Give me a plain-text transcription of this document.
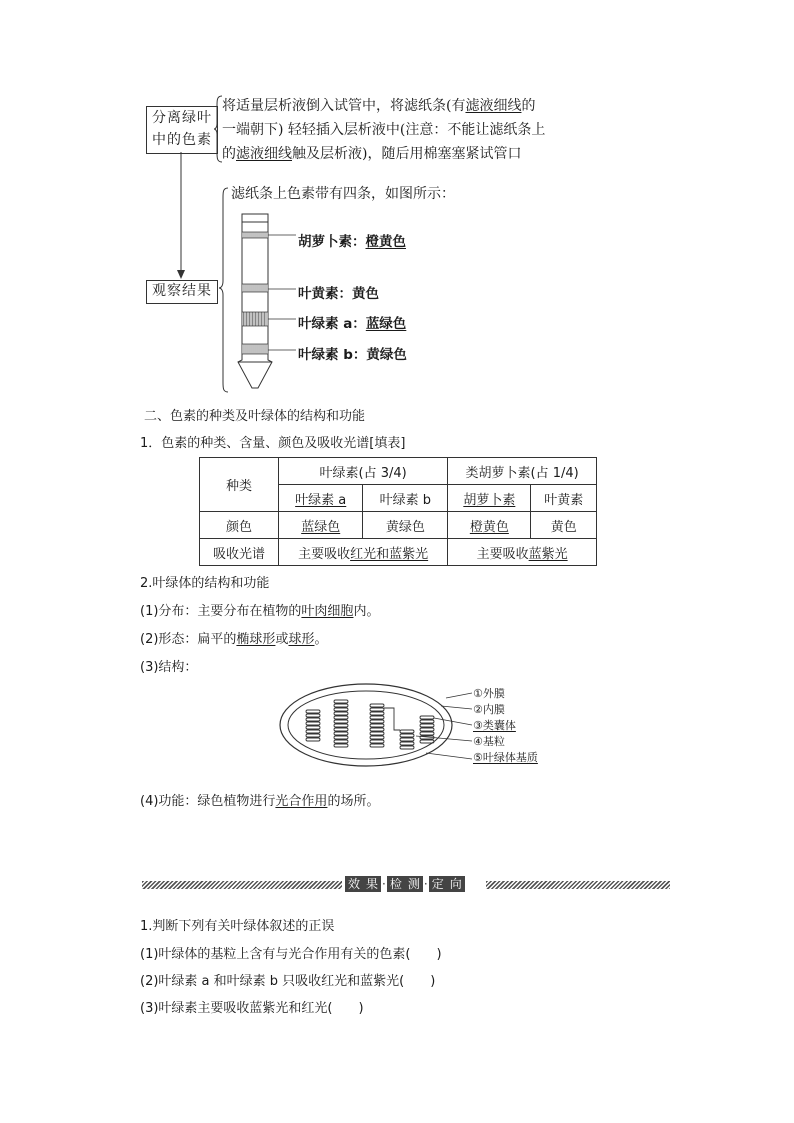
分离绿叶
中的色素
将适量层析液倒入试管中，将滤纸条(有滤液细线的
一端朝下) 轻轻插入层析液中(注意：不能让滤纸条上
的滤液细线触及层析液)，随后用棉塞塞紧试管口
观察结果
滤纸条上色素带有四条，如图所示：
胡萝卜素：橙黄色
叶黄素：黄色
叶绿素 a：蓝绿色
叶绿素 b：黄绿色
二、色素的种类及叶绿体的结构和功能
1．色素的种类、含量、颜色及吸收光谱[填表]
种类	叶绿素(占 3/4)		类胡萝卜素(占 1/4)	
	叶绿素 a	叶绿素 b	胡萝卜素	叶黄素
颜色	蓝绿色	黄绿色	橙黄色	黄色
吸收光谱	主要吸收红光和蓝紫光		主要吸收蓝紫光	
2.叶绿体的结构和功能
(1)分布：主要分布在植物的叶肉细胞内。
(2)形态：扁平的椭球形或球形。
(3)结构：
①外膜
②内膜
③类囊体
④基粒
⑤叶绿体基质
(4)功能：绿色植物进行光合作用的场所。
效 果 · 检 测 · 定 向
1.判断下列有关叶绿体叙述的正误
(1)叶绿体的基粒上含有与光合作用有关的色素(　　)
(2)叶绿素 a 和叶绿素 b 只吸收红光和蓝紫光(　　)
(3)叶绿素主要吸收蓝紫光和红光(　　)
